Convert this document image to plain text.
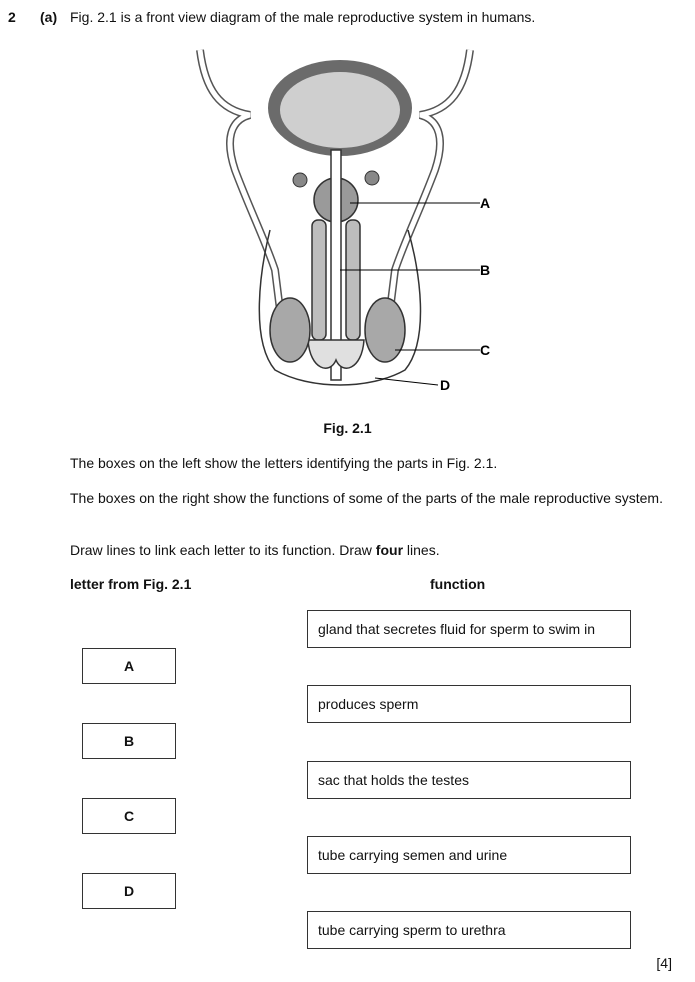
2 (a) Fig. 2.1 is a front view diagram of the male reproductive system in humans.
A
B
C
D
Fig. 2.1
The boxes on the left show the letters identifying the parts in Fig. 2.1.
The boxes on the right show the functions of some of the parts of the male reproductive system.
Draw lines to link each letter to its function. Draw four lines.
letter from Fig. 2.1	function
A
B
C
D
gland that secretes fluid for sperm to swim in
produces sperm
sac that holds the testes
tube carrying semen and urine
tube carrying sperm to urethra
[4]
